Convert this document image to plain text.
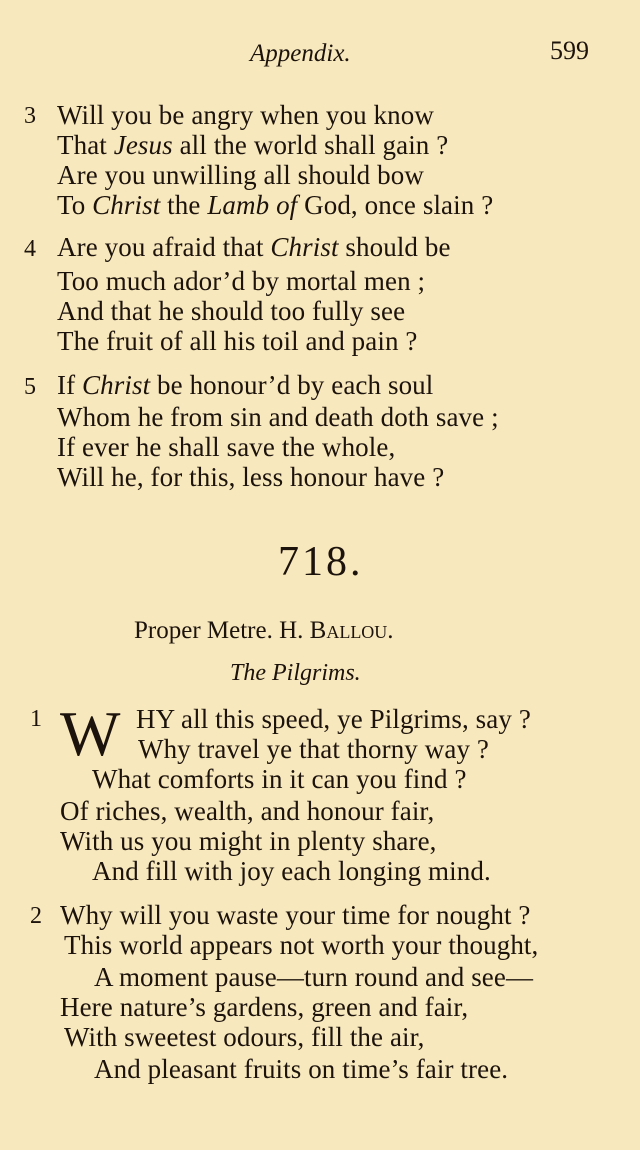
Appendix.	599
3 Will you be angry when you know
That Jesus all the world shall gain ?
Are you unwilling all should bow
To Christ the Lamb of God, once slain ?
4 Are you afraid that Christ should be
Too much ador’d by mortal men ;
And that he should too fully see
The fruit of all his toil and pain ?
5 If Christ be honour’d by each soul
Whom he from sin and death doth save ;
If ever he shall save the whole,
Will he, for this, less honour have ?
718.
Proper Metre. H. Ballou.
The Pilgrims.
W
1	HY all this speed, ye Pilgrims, say ?
Why travel ye that thorny way ?
What comforts in it can you find ?
Of riches, wealth, and honour fair,
With us you might in plenty share,
And fill with joy each longing mind.
2 Why will you waste your time for nought ?
This world appears not worth your thought,
A moment pause—turn round and see—
Here nature’s gardens, green and fair,
With sweetest odours, fill the air,
And pleasant fruits on time’s fair tree.
